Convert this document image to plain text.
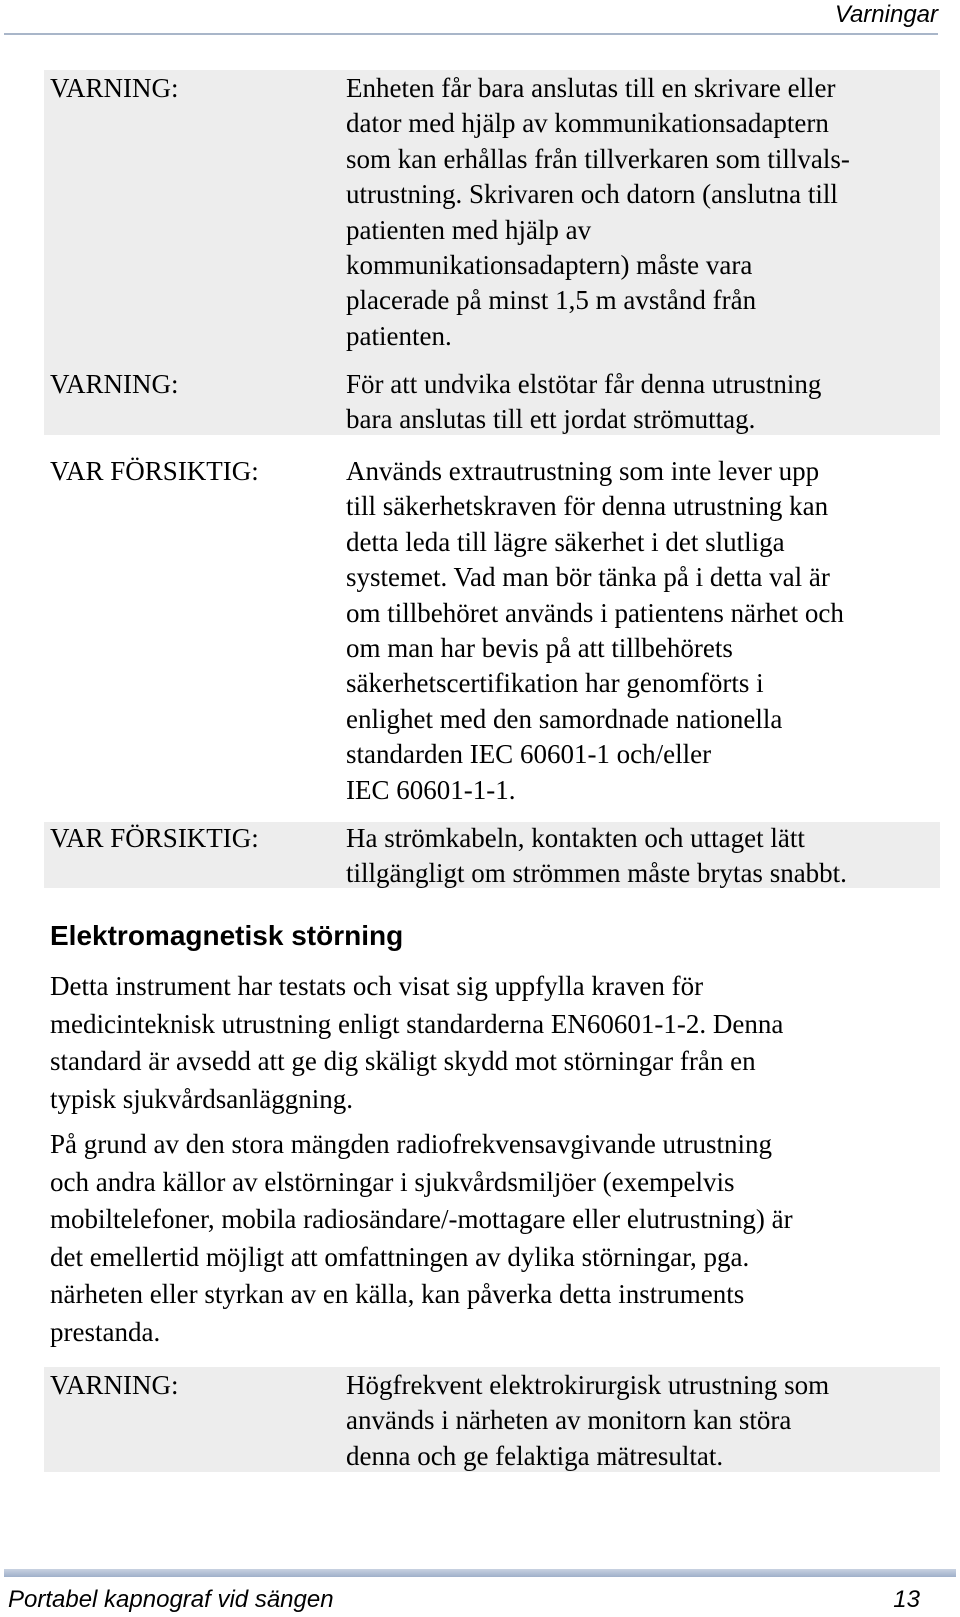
Varningar
VARNING:	Enheten får bara anslutas till en skrivare eller
dator med hjälp av kommunikationsadaptern
som kan erhållas från tillverkaren som tillvals-
utrustning. Skrivaren och datorn (anslutna till
patienten med hjälp av
kommunikationsadaptern) måste vara
placerade på minst 1,5 m avstånd från
patienten.
VARNING:	För att undvika elstötar får denna utrustning
bara anslutas till ett jordat strömuttag.
VAR FÖRSIKTIG:	Används extrautrustning som inte lever upp
till säkerhetskraven för denna utrustning kan
detta leda till lägre säkerhet i det slutliga
systemet. Vad man bör tänka på i detta val är
om tillbehöret används i patientens närhet och
om man har bevis på att tillbehörets
säkerhetscertifikation har genomförts i
enlighet med den samordnade nationella
standarden IEC 60601-1 och/eller
IEC 60601-1-1.
VAR FÖRSIKTIG:	Ha strömkabeln, kontakten och uttaget lätt
tillgängligt om strömmen måste brytas snabbt.
Elektromagnetisk störning
Detta instrument har testats och visat sig uppfylla kraven för
medicinteknisk utrustning enligt standarderna EN60601-1-2. Denna
standard är avsedd att ge dig skäligt skydd mot störningar från en
typisk sjukvårdsanläggning.
På grund av den stora mängden radiofrekvensavgivande utrustning
och andra källor av elstörningar i sjukvårdsmiljöer (exempelvis
mobiltelefoner, mobila radiosändare/-mottagare eller elutrustning) är
det emellertid möjligt att omfattningen av dylika störningar, pga.
närheten eller styrkan av en källa, kan påverka detta instruments
prestanda.
VARNING:	Högfrekvent elektrokirurgisk utrustning som
används i närheten av monitorn kan störa
denna och ge felaktiga mätresultat.
Portabel kapnograf vid sängen	13
